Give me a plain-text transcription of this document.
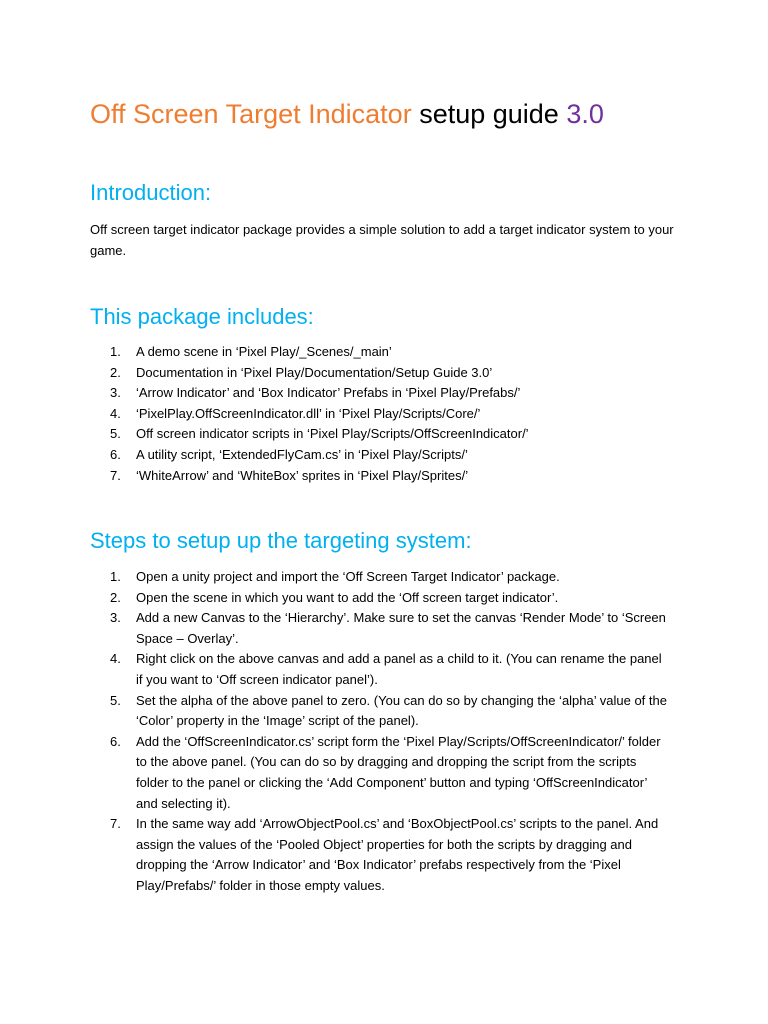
Off Screen Target Indicator setup guide 3.0
Introduction:

Off screen target indicator package provides a simple solution to add a target indicator system to your game.

This package includes:
1. A demo scene in ‘Pixel Play/_Scenes/_main’
2. Documentation in ‘Pixel Play/Documentation/Setup Guide 3.0’
3. ‘Arrow Indicator’ and ‘Box Indicator’ Prefabs in ‘Pixel Play/Prefabs/’
4. ‘PixelPlay.OffScreenIndicator.dll’ in ‘Pixel Play/Scripts/Core/’
5. Off screen indicator scripts in ‘Pixel Play/Scripts/OffScreenIndicator/’
6. A utility script, ‘ExtendedFlyCam.cs’ in ‘Pixel Play/Scripts/’
7. ‘WhiteArrow’ and ‘WhiteBox’ sprites in ‘Pixel Play/Sprites/’
Steps to setup up the targeting system:
1. Open a unity project and import the ‘Off Screen Target Indicator’ package.
2. Open the scene in which you want to add the ‘Off screen target indicator’.
3. Add a new Canvas to the ‘Hierarchy’. Make sure to set the canvas ‘Render Mode’ to ‘Screen Space – Overlay’.
4. Right click on the above canvas and add a panel as a child to it. (You can rename the panel if you want to ‘Off screen indicator panel’).
5. Set the alpha of the above panel to zero. (You can do so by changing the ‘alpha’ value of the ‘Color’ property in the ‘Image’ script of the panel).
6. Add the ‘OffScreenIndicator.cs’ script form the ‘Pixel Play/Scripts/OffScreenIndicator/’ folder to the above panel. (You can do so by dragging and dropping the script from the scripts folder to the panel or clicking the ‘Add Component’ button and typing ‘OffScreenIndicator’ and selecting it).
7. In the same way add ‘ArrowObjectPool.cs’ and ‘BoxObjectPool.cs’ scripts to the panel. And assign the values of the ‘Pooled Object’ properties for both the scripts by dragging and dropping the ‘Arrow Indicator’ and ‘Box Indicator’ prefabs respectively from the ‘Pixel Play/Prefabs/’ folder in those empty values.
